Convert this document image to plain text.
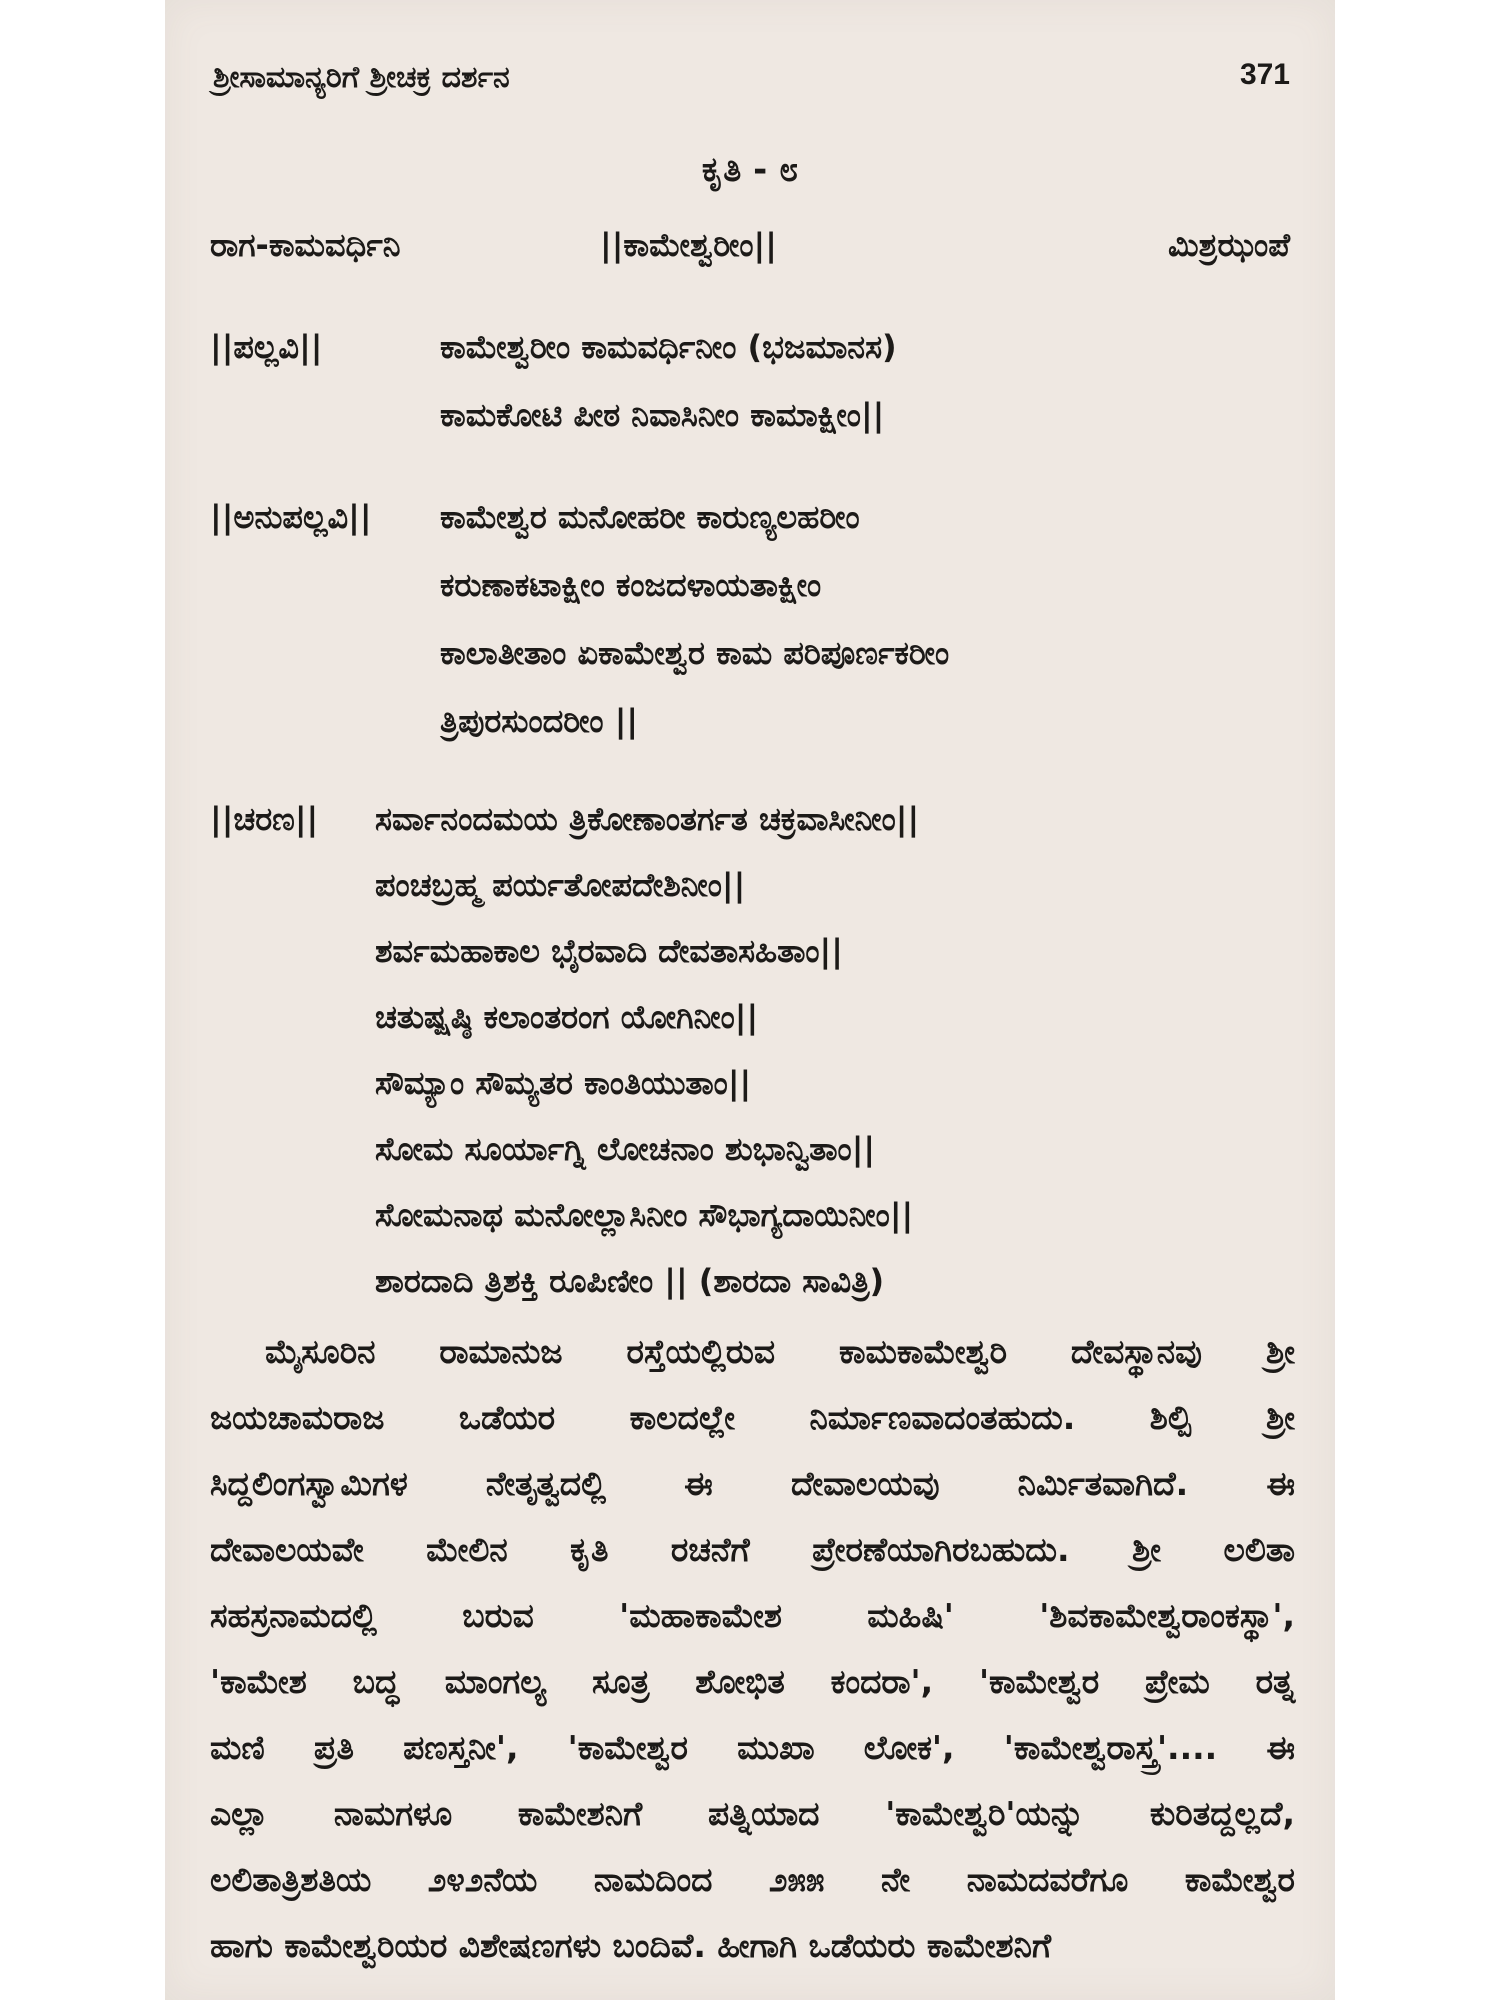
ಶ್ರೀಸಾಮಾನ್ಯರಿಗೆ ಶ್ರೀಚಕ್ರ ದರ್ಶನ	371
ಕೃತಿ - ೮
ರಾಗ-ಕಾಮವರ್ಧಿನಿ	||ಕಾಮೇಶ್ವರೀಂ||	ಮಿಶ್ರಝಂಪೆ
||ಪಲ್ಲವಿ||	ಕಾಮೇಶ್ವರೀಂ ಕಾಮವರ್ಧಿನೀಂ (ಭಜಮಾನಸ)
ಕಾಮಕೋಟಿ ಪೀಠ ನಿವಾಸಿನೀಂ ಕಾಮಾಕ್ಷೀಂ||
||ಅನುಪಲ್ಲವಿ|| ಕಾಮೇಶ್ವರ ಮನೋಹರೀ ಕಾರುಣ್ಯಲಹರೀಂ
ಕರುಣಾಕಟಾಕ್ಷೀಂ ಕಂಜದಳಾಯತಾಕ್ಷೀಂ
ಕಾಲಾತೀತಾಂ ಏಕಾಮೇಶ್ವರ ಕಾಮ ಪರಿಪೂರ್ಣಕರೀಂ
ತ್ರಿಪುರಸುಂದರೀಂ ||
||ಚರಣ|| ಸರ್ವಾನಂದಮಯ ತ್ರಿಕೋಣಾಂತರ್ಗತ ಚಕ್ರವಾಸೀನೀಂ||
ಪಂಚಬ್ರಹ್ಮ ಪರ್ಯತೋಪದೇಶಿನೀಂ||
ಶರ್ವಮಹಾಕಾಲ ಭೈರವಾದಿ ದೇವತಾಸಹಿತಾಂ||
ಚತುಷ್ಷಷ್ಠಿ ಕಲಾಂತರಂಗ ಯೋಗಿನೀಂ||
ಸೌಮ್ಯಾಂ ಸೌಮ್ಯತರ ಕಾಂತಿಯುತಾಂ||
ಸೋಮ ಸೂರ್ಯಾಗ್ನಿ ಲೋಚನಾಂ ಶುಭಾನ್ವಿತಾಂ||
ಸೋಮನಾಥ ಮನೋಲ್ಲಾಸಿನೀಂ ಸೌಭಾಗ್ಯದಾಯಿನೀಂ||
ಶಾರದಾದಿ ತ್ರಿಶಕ್ತಿ ರೂಪಿಣೀಂ || (ಶಾರದಾ ಸಾವಿತ್ರಿ)
ಮೈಸೂರಿನ ರಾಮಾನುಜ ರಸ್ತೆಯಲ್ಲಿರುವ ಕಾಮಕಾಮೇಶ್ವರಿ ದೇವಸ್ಥಾನವು ಶ್ರೀ
ಜಯಚಾಮರಾಜ ಒಡೆಯರ ಕಾಲದಲ್ಲೇ ನಿರ್ಮಾಣವಾದಂತಹುದು. ಶಿಲ್ಪಿ ಶ್ರೀ
ಸಿದ್ದಲಿಂಗಸ್ವಾಮಿಗಳ ನೇತೃತ್ವದಲ್ಲಿ ಈ ದೇವಾಲಯವು ನಿರ್ಮಿತವಾಗಿದೆ. ಈ
ದೇವಾಲಯವೇ ಮೇಲಿನ ಕೃತಿ ರಚನೆಗೆ ಪ್ರೇರಣೆಯಾಗಿರಬಹುದು. ಶ್ರೀ ಲಲಿತಾ
ಸಹಸ್ರನಾಮದಲ್ಲಿ ಬರುವ 'ಮಹಾಕಾಮೇಶ ಮಹಿಷಿ' 'ಶಿವಕಾಮೇಶ್ವರಾಂಕಸ್ಥಾ',
'ಕಾಮೇಶ ಬದ್ಧ ಮಾಂಗಲ್ಯ ಸೂತ್ರ ಶೋಭಿತ ಕಂದರಾ', 'ಕಾಮೇಶ್ವರ ಪ್ರೇಮ ರತ್ನ
ಮಣಿ ಪ್ರತಿ ಪಣಸ್ತನೀ', 'ಕಾಮೇಶ್ವರ ಮುಖಾ ಲೋಕ', 'ಕಾಮೇಶ್ವರಾಸ್ತ್ರ'.... ಈ
ಎಲ್ಲಾ ನಾಮಗಳೂ ಕಾಮೇಶನಿಗೆ ಪತ್ನಿಯಾದ 'ಕಾಮೇಶ್ವರಿ'ಯನ್ನು ಕುರಿತದ್ದಲ್ಲದೆ,
ಲಲಿತಾತ್ರಿಶತಿಯ ೨೪೨ನೆಯ ನಾಮದಿಂದ ೨೫೫ ನೇ ನಾಮದವರೆಗೂ ಕಾಮೇಶ್ವರ
ಹಾಗು ಕಾಮೇಶ್ವರಿಯರ ವಿಶೇಷಣಗಳು ಬಂದಿವೆ. ಹೀಗಾಗಿ ಒಡೆಯರು ಕಾಮೇಶನಿಗೆ
